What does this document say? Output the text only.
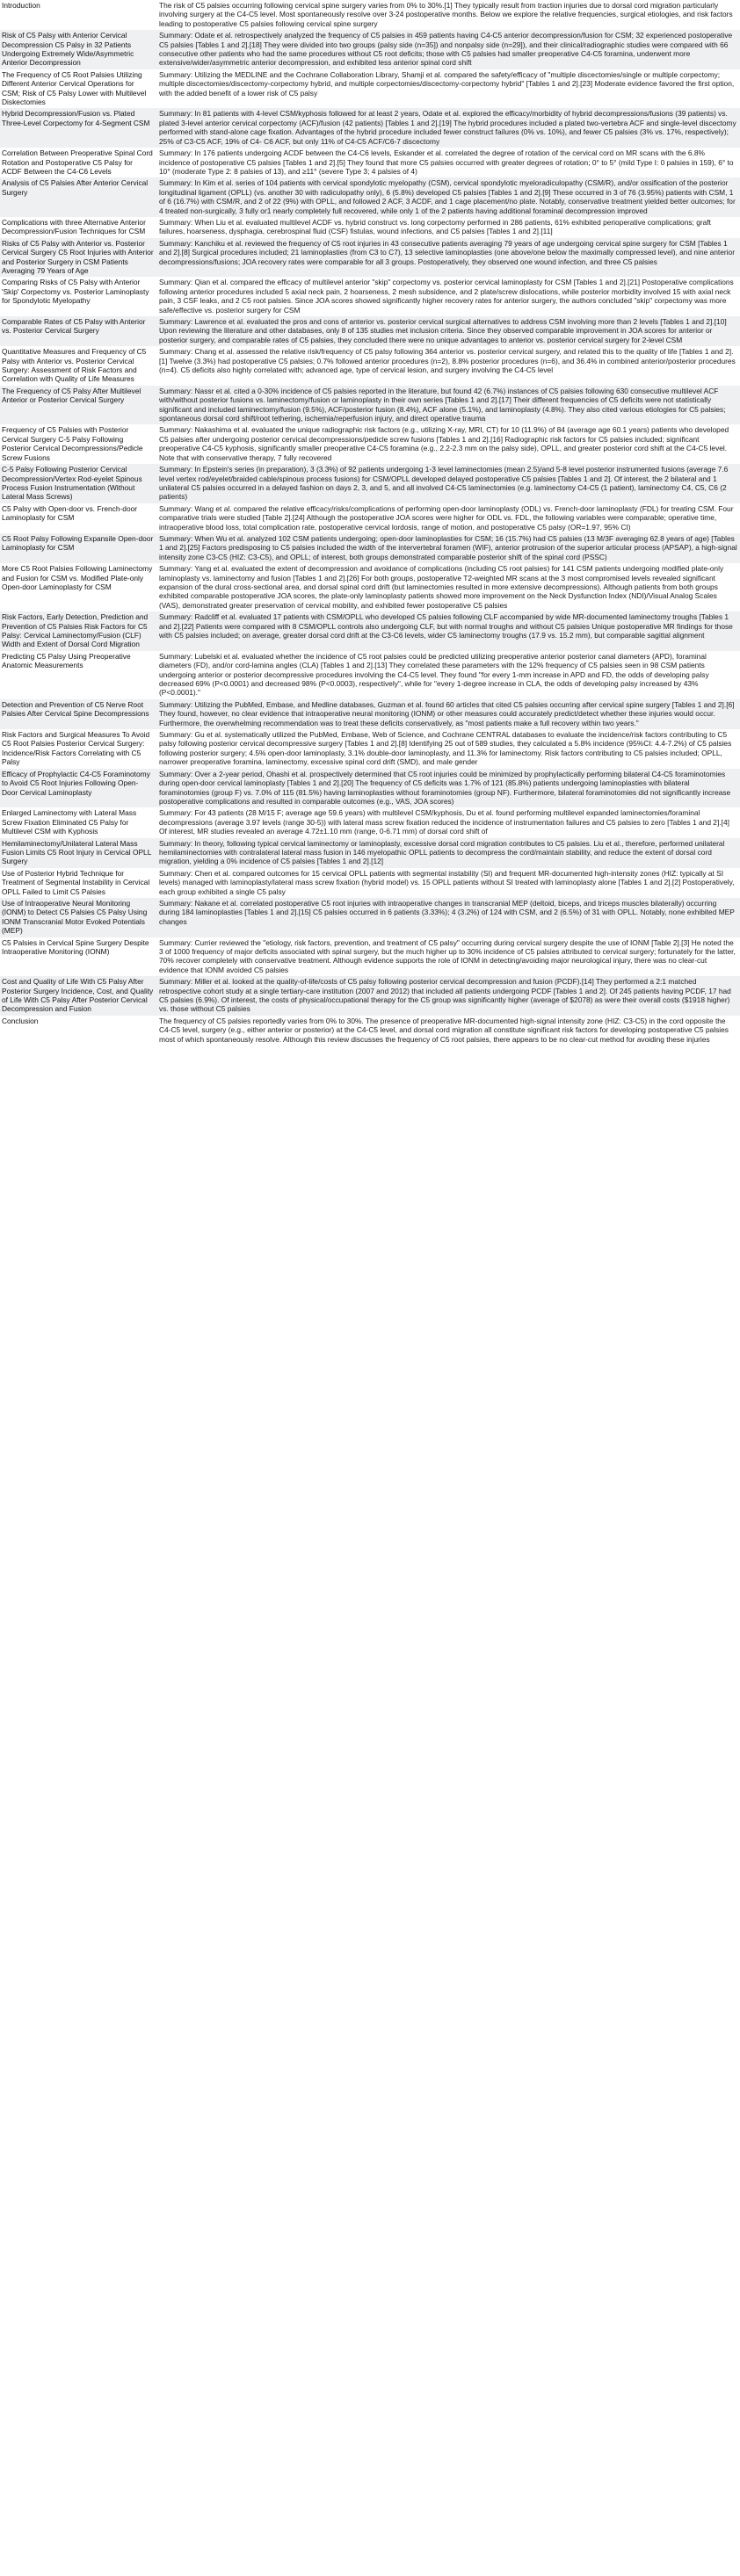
Introduction	The risk of C5 palsies occurring following cervical spine surgery varies from 0% to 30%.[1] They typically result from traction injuries due to dorsal cord migration particularly involving surgery at the C4-C5 level. Most spontaneously resolve over 3-24 postoperative months. Below we explore the relative frequencies, surgical etiologies, and risk factors leading to postoperative C5 palsies following cervical spine surgery
Risk of C5 Palsy with Anterior Cervical Decompression C5 Palsy in 32 Patients Undergoing Extremely Wide/Asymmetric Anterior Decompression	Summary: Odate et al. retrospectively analyzed the frequency of C5 palsies in 459 patients having C4-C5 anterior decompression/fusion for CSM; 32 experienced postoperative C5 palsies [Tables 1 and 2].[18] They were divided into two groups (palsy side (n=35]) and nonpalsy side (n=29]), and their clinical/radiographic studies were compared with 66 consecutive other patients who had the same procedures without C5 root deficits; those with C5 palsies had smaller preoperative C4-C5 foramina, underwent more extensive/wider/asymmetric anterior decompression, and exhibited less anterior spinal cord shift
The Frequency of C5 Root Palsies Utilizing Different Anterior Cervical Operations for CSM; Risk of C5 Palsy Lower with Multilevel Diskectomies	Summary: Utilizing the MEDLINE and the Cochrane Collaboration Library, Shamji et al. compared the safety/efficacy of "multiple discectomies/single or multiple corpectomy; multiple discectomies/discectomy-corpectomy hybrid, and multiple corpectomies/discectomy-corpectomy hybrid" [Tables 1 and 2].[23] Moderate evidence favored the first option, with the added benefit of a lower risk of C5 palsy
Hybrid Decompression/Fusion vs. Plated Three-Level Corpectomy for 4-Segment CSM	Summary: In 81 patients with 4-level CSM/kyphosis followed for at least 2 years, Odate et al. explored the efficacy/morbidity of hybrid decompressions/fusions (39 patients) vs. plated 3-level anterior cervical corpectomy (ACF)/fusion (42 patients) [Tables 1 and 2].[19] The hybrid procedures included a plated two-vertebra ACF and single-level discectomy performed with stand-alone cage fixation. Advantages of the hybrid procedure included fewer construct failures (0% vs. 10%), and fewer C5 palsies (3% vs. 17%, respectively); 25% of C3-C5 ACF, 19% of C4- C6 ACF, but only 11% of C4-C5 ACF/C6-7 discectomy
Correlation Between Preoperative Spinal Cord Rotation and Postoperative C5 Palsy for ACDF Between the C4-C6 Levels	Summary: In 176 patients undergoing ACDF between the C4-C6 levels, Eskander et al. correlated the degree of rotation of the cervical cord on MR scans with the 6.8% incidence of postoperative C5 palsies [Tables 1 and 2].[5] They found that more C5 palsies occurred with greater degrees of rotation; 0° to 5° (mild Type I: 0 palsies in 159), 6° to 10° (moderate Type 2: 8 palsies of 13), and ≥11° (severe Type 3; 4 palsies of 4)
Analysis of C5 Palsies After Anterior Cervical Surgery	Summary: In Kim et al. series of 104 patients with cervical spondylotic myelopathy (CSM), cervical spondylotic myeloradiculopathy (CSM/R), and/or ossification of the posterior longitudinal ligament (OPLL) (vs. another 30 with radiculopathy only), 6 (5.8%) developed C5 palsies [Tables 1 and 2].[9] These occurred in 3 of 76 (3.95%) patients with CSM, 1 of 6 (16.7%) with CSM/R, and 2 of 22 (9%) with OPLL, and followed 2 ACF, 3 ACDF, and 1 cage placement/no plate. Notably, conservative treatment yielded better outcomes; for 4 treated non-surgically, 3 fully or1 nearly completely full recovered, while only 1 of the 2 patients having additional foraminal decompression improved
Complications with three Alternative Anterior Decompression/Fusion Techniques for CSM	Summary: When Liu et al. evaluated multilevel ACDF vs. hybrid construct vs. long corpectomy performed in 286 patients, 61% exhibited perioperative complications; graft failures, hoarseness, dysphagia, cerebrospinal fluid (CSF) fistulas, wound infections, and C5 palsies [Tables 1 and 2].[11]
Risks of C5 Palsy with Anterior vs. Posterior Cervical Surgery C5 Root Injuries with Anterior and Posterior Surgery in CSM Patients Averaging 79 Years of Age	Summary: Kanchiku et al. reviewed the frequency of C5 root injuries in 43 consecutive patients averaging 79 years of age undergoing cervical spine surgery for CSM [Tables 1 and 2].[8] Surgical procedures included; 21 laminoplasties (from C3 to C7), 13 selective laminoplasties (one above/one below the maximally compressed level), and nine anterior decompressions/fusions; JOA recovery rates were comparable for all 3 groups. Postoperatively, they observed one wound infection, and three C5 palsies
Comparing Risks of C5 Palsy with Anterior 'Skip' Corpectomy vs. Posterior Laminoplasty for Spondylotic Myelopathy	Summary: Qian et al. compared the efficacy of multilevel anterior "skip" corpectomy vs. posterior cervical laminoplasty for CSM [Tables 1 and 2].[21] Postoperative complications following anterior procedures included 5 axial neck pain, 2 hoarseness, 2 mesh subsidence, and 2 plate/screw dislocations, while posterior morbidity involved 15 with axial neck pain, 3 CSF leaks, and 2 C5 root palsies. Since JOA scores showed significantly higher recovery rates for anterior surgery, the authors concluded "skip" corpectomy was more safe/effective vs. posterior surgery for CSM
Comparable Rates of C5 Palsy with Anterior vs. Posterior Cervical Surgery	Summary: Lawrence et al. evaluated the pros and cons of anterior vs. posterior cervical surgical alternatives to address CSM involving more than 2 levels [Tables 1 and 2].[10] Upon reviewing the literature and other databases, only 8 of 135 studies met inclusion criteria. Since they observed comparable improvement in JOA scores for anterior or posterior surgery, and comparable rates of C5 palsies, they concluded there were no unique advantages to anterior vs. posterior cervical surgery for 2-level CSM
Quantitative Measures and Frequency of C5 Palsy with Anterior vs. Posterior Cervical Surgery: Assessment of Risk Factors and Correlation with Quality of Life Measures	Summary: Chang et al. assessed the relative risk/frequency of C5 palsy following 364 anterior vs. posterior cervical surgery, and related this to the quality of life [Tables 1 and 2].[1] Twelve (3.3%) had postoperative C5 palsies; 0.7% followed anterior procedures (n=2), 8.8% posterior procedures (n=6), and 36.4% in combined anterior/posterior procedures (n=4). C5 deficits also highly correlated with; advanced age, type of cervical lesion, and surgery involving the C4-C5 level
The Frequency of C5 Palsy After Multilevel Anterior or Posterior Cervical Surgery	Summary: Nassr et al. cited a 0-30% incidence of C5 palsies reported in the literature, but found 42 (6.7%) instances of C5 palsies following 630 consecutive multilevel ACF with/without posterior fusions vs. laminectomy/fusion or laminoplasty in their own series [Tables 1 and 2].[17] Their different frequencies of C5 deficits were not statistically significant and included laminectomy/fusion (9.5%), ACF/posterior fusion (8.4%), ACF alone (5.1%), and laminoplasty (4.8%). They also cited various etiologies for C5 palsies; spontaneous dorsal cord shift/root tethering, ischemia/reperfusion injury, and direct operative trauma
Frequency of C5 Palsies with Posterior Cervical Surgery C-5 Palsy Following Posterior Cervical Decompressions/Pedicle Screw Fusions	Summary: Nakashima et al. evaluated the unique radiographic risk factors (e.g., utilizing X-ray, MRI, CT) for 10 (11.9%) of 84 (average age 60.1 years) patients who developed C5 palsies after undergoing posterior cervical decompressions/pedicle screw fusions [Tables 1 and 2].[16] Radiographic risk factors for C5 palsies included; significant preoperative C4-C5 kyphosis, significantly smaller preoperative C4-C5 foramina (e.g., 2.2-2.3 mm on the palsy side), OPLL, and greater posterior cord shift at the C4-C5 level. Note that with conservative therapy, 7 fully recovered
C-5 Palsy Following Posterior Cervical Decompression/Vertex Rod-eyelet Spinous Process Fusion Instrumentation (Without Lateral Mass Screws)	Summary: In Epstein's series (in preparation), 3 (3.3%) of 92 patients undergoing 1-3 level laminectomies (mean 2.5)/and 5-8 level posterior instrumented fusions (average 7.6 level vertex rod/eyelet/braided cable/spinous process fusions) for CSM/OPLL developed delayed postoperative C5 palsies [Tables 1 and 2]. Of interest, the 2 bilateral and 1 unilateral C5 palsies occurred in a delayed fashion on days 2, 3, and 5, and all involved C4-C5 laminectomies (e.g. laminectomy C4-C5 (1 patient), laminectomy C4, C5, C6 (2 patients)
C5 Palsy with Open-door vs. French-door Laminoplasty for CSM	Summary: Wang et al. compared the relative efficacy/risks/complications of performing open-door laminoplasty (ODL) vs. French-door laminoplasty (FDL) for treating CSM. Four comparative trials were studied [Table 2].[24] Although the postoperative JOA scores were higher for ODL vs. FDL, the following variables were comparable; operative time, intraoperative blood loss, total complication rate, postoperative cervical lordosis, range of motion, and postoperative C5 palsy (OR=1.97, 95% CI)
C5 Root Palsy Following Expansile Open-door Laminoplasty for CSM	Summary: When Wu et al. analyzed 102 CSM patients undergoing; open-door laminoplasties for CSM; 16 (15.7%) had C5 palsies (13 M/3F averaging 62.8 years of age) [Tables 1 and 2].[25] Factors predisposing to C5 palsies included the width of the intervertebral foramen (WIF), anterior protrusion of the superior articular process (APSAP), a high-signal intensity zone C3-C5 (HIZ: C3-C5), and OPLL; of interest, both groups demonstrated comparable posterior shift of the spinal cord (PSSC)
More C5 Root Palsies Following Laminectomy and Fusion for CSM vs. Modified Plate-only Open-door Laminoplasty for CSM	Summary: Yang et al. evaluated the extent of decompression and avoidance of complications (including C5 root palsies) for 141 CSM patients undergoing modified plate-only laminoplasty vs. laminectomy and fusion [Tables 1 and 2].[26] For both groups, postoperative T2-weighted MR scans at the 3 most compromised levels revealed significant expansion of the dural cross-sectional area, and dorsal spinal cord drift (but laminectomies resulted in more extensive decompressions). Although patients from both groups exhibited comparable postoperative JOA scores, the plate-only laminoplasty patients showed more improvement on the Neck Dysfunction Index (NDI)/Visual Analog Scales (VAS), demonstrated greater preservation of cervical mobility, and exhibited fewer postoperative C5 palsies
Risk Factors, Early Detection, Prediction and Prevention of C5 Palsies Risk Factors for C5 Palsy: Cervical Laminectomy/Fusion (CLF) Width and Extent of Dorsal Cord Migration	Summary: Radcliff et al. evaluated 17 patients with CSM/OPLL who developed C5 palsies following CLF accompanied by wide MR-documented laminectomy troughs [Tables 1 and 2].[22] Patients were compared with 8 CSM/OPLL controls also undergoing CLF, but with normal troughs and without C5 palsies Unique postoperative MR findings for those with C5 palsies included; on average, greater dorsal cord drift at the C3-C6 levels, wider C5 laminectomy troughs (17.9 vs. 15.2 mm), but comparable sagittal alignment
Predicting C5 Palsy Using Preoperative Anatomic Measurements	Summary: Lubelski et al. evaluated whether the incidence of C5 root palsies could be predicted utilizing preoperative anterior posterior canal diameters (APD), foraminal diameters (FD), and/or cord-lamina angles (CLA) [Tables 1 and 2].[13] They correlated these parameters with the 12% frequency of C5 palsies seen in 98 CSM patients undergoing anterior or posterior decompressive procedures involving the C4-C5 level. They found "for every 1-mm increase in APD and FD, the odds of developing palsy decreased 69% (P<0.0001) and decreased 98% (P<0.0003), respectively", while for "every 1-degree increase in CLA, the odds of developing palsy increased by 43% (P<0.0001)."
Detection and Prevention of C5 Nerve Root Palsies After Cervical Spine Decompressions	Summary: Utilizing the PubMed, Embase, and Medline databases, Guzman et al. found 60 articles that cited C5 palsies occurring after cervical spine surgery [Tables 1 and 2].[6] They found, however, no clear evidence that intraoperative neural monitoring (IONM) or other measures could accurately predict/detect whether these injuries would occur. Furthermore, the overwhelming recommendation was to treat these deficits conservatively, as "most patients make a full recovery within two years."
Risk Factors and Surgical Measures To Avoid C5 Root Palsies Posterior Cervical Surgery: Incidence/Risk Factors Correlating with C5 Palsy	Summary: Gu et al. systematically utilized the PubMed, Embase, Web of Science, and Cochrane CENTRAL databases to evaluate the incidence/risk factors contributing to C5 palsy following posterior cervical decompressive surgery [Tables 1 and 2].[8] Identifying 25 out of 589 studies, they calculated a 5.8% incidence (95%CI: 4.4-7.2%) of C5 palsies following posterior surgery; 4.5% open-door laminoplasty, 3.1% double-door laminoplasty, and 11.3% for laminectomy. Risk factors contributing to C5 palsies included; OPLL, narrower preoperative foramina, laminectomy, excessive spinal cord drift (SMD), and male gender
Efficacy of Prophylactic C4-C5 Foraminotomy to Avoid C5 Root Injuries Following Open-Door Cervical Laminoplasty	Summary: Over a 2-year period, Ohashi et al. prospectively determined that C5 root injuries could be minimized by prophylactically performing bilateral C4-C5 foraminotomies during open-door cervical laminoplasty [Tables 1 and 2].[20] The frequency of C5 deficits was 1.7% of 121 (85.8%) patients undergoing laminoplasties with bilateral foraminotomies (group F) vs. 7.0% of 115 (81.5%) having laminoplasties without foraminotomies (group NF). Furthermore, bilateral foraminotomies did not significantly increase postoperative complications and resulted in comparable outcomes (e.g., VAS, JOA scores)
Enlarged Laminectomy with Lateral Mass Screw Fixation Eliminated C5 Palsy for Multilevel CSM with Kyphosis	Summary: For 43 patients (28 M/15 F; average age 59.6 years) with multilevel CSM/kyphosis, Du et al. found performing multilevel expanded laminectomies/foraminal decompressions (average 3.97 levels (range 30-5)) with lateral mass screw fixation reduced the incidence of instrumentation failures and C5 palsies to zero [Tables 1 and 2].[4] Of interest, MR studies revealed an average 4.72±1.10 mm (range, 0-6.71 mm) of dorsal cord shift of
Hemilaminectomy/Unilateral Lateral Mass Fusion Limits C5 Root Injury in Cervical OPLL Surgery	Summary: In theory, following typical cervical laminectomy or laminoplasty, excessive dorsal cord migration contributes to C5 palsies. Liu et al., therefore, performed unilateral hemilaminectomies with contralateral lateral mass fusion in 146 myelopathic OPLL patients to decompress the cord/maintain stability, and reduce the extent of dorsal cord migration, yielding a 0% incidence of C5 palsies [Tables 1 and 2].[12]
Use of Posterior Hybrid Technique for Treatment of Segmental Instability in Cervical OPLL Failed to Limit C5 Palsies	Summary: Chen et al. compared outcomes for 15 cervical OPLL patients with segmental instability (SI) and frequent MR-documented high-intensity zones (HIZ: typically at SI levels) managed with laminoplasty/lateral mass screw fixation (hybrid model) vs. 15 OPLL patients without SI treated with laminoplasty alone [Tables 1 and 2].[2] Postoperatively, each group exhibited a single C5 palsy
Use of Intraoperative Neural Monitoring (IONM) to Detect C5 Palsies C5 Palsy Using IONM Transcranial Motor Evoked Potentials (MEP)	Summary: Nakane et al. correlated postoperative C5 root injuries with intraoperative changes in transcranial MEP (deltoid, biceps, and triceps muscles bilaterally) occurring during 184 laminoplasties [Tables 1 and 2].[15] C5 palsies occurred in 6 patients (3.33%); 4 (3.2%) of 124 with CSM, and 2 (6.5%) of 31 with OPLL. Notably, none exhibited MEP changes
C5 Palsies in Cervical Spine Surgery Despite Intraoperative Monitoring (IONM)	Summary: Currier reviewed the "etiology, risk factors, prevention, and treatment of C5 palsy" occurring during cervical surgery despite the use of IONM [Table 2].[3] He noted the 3 of 1000 frequency of major deficits associated with spinal surgery, but the much higher up to 30% incidence of C5 palsies attributed to cervical surgery; fortunately for the latter, 70% recover completely with conservative treatment. Although evidence supports the role of IONM in detecting/avoiding major neurological injury, there was no clear-cut evidence that IONM avoided C5 palsies
Cost and Quality of Life With C5 Palsy After Posterior Surgery Incidence, Cost, and Quality of Life With C5 Palsy After Posterior Cervical Decompression and Fusion	Summary: Miller et al. looked at the quality-of-life/costs of C5 palsy following posterior cervical decompression and fusion (PCDF).[14] They performed a 2:1 matched retrospective cohort study at a single tertiary-care institution (2007 and 2012) that included all patients undergoing PCDF [Tables 1 and 2]. Of 245 patients having PCDF, 17 had C5 palsies (6.9%). Of interest, the costs of physical/occupational therapy for the C5 group was significantly higher (average of $2078) as were their overall costs ($1918 higher) vs. those without C5 palsies
Conclusion	The frequency of C5 palsies reportedly varies from 0% to 30%. The presence of preoperative MR-documented high-signal intensity zone (HIZ: C3-C5) in the cord opposite the C4-C5 level, surgery (e.g., either anterior or posterior) at the C4-C5 level, and dorsal cord migration all constitute significant risk factors for developing postoperative C5 palsies most of which spontaneously resolve. Although this review discusses the frequency of C5 root palsies, there appears to be no clear-cut method for avoiding these injuries
